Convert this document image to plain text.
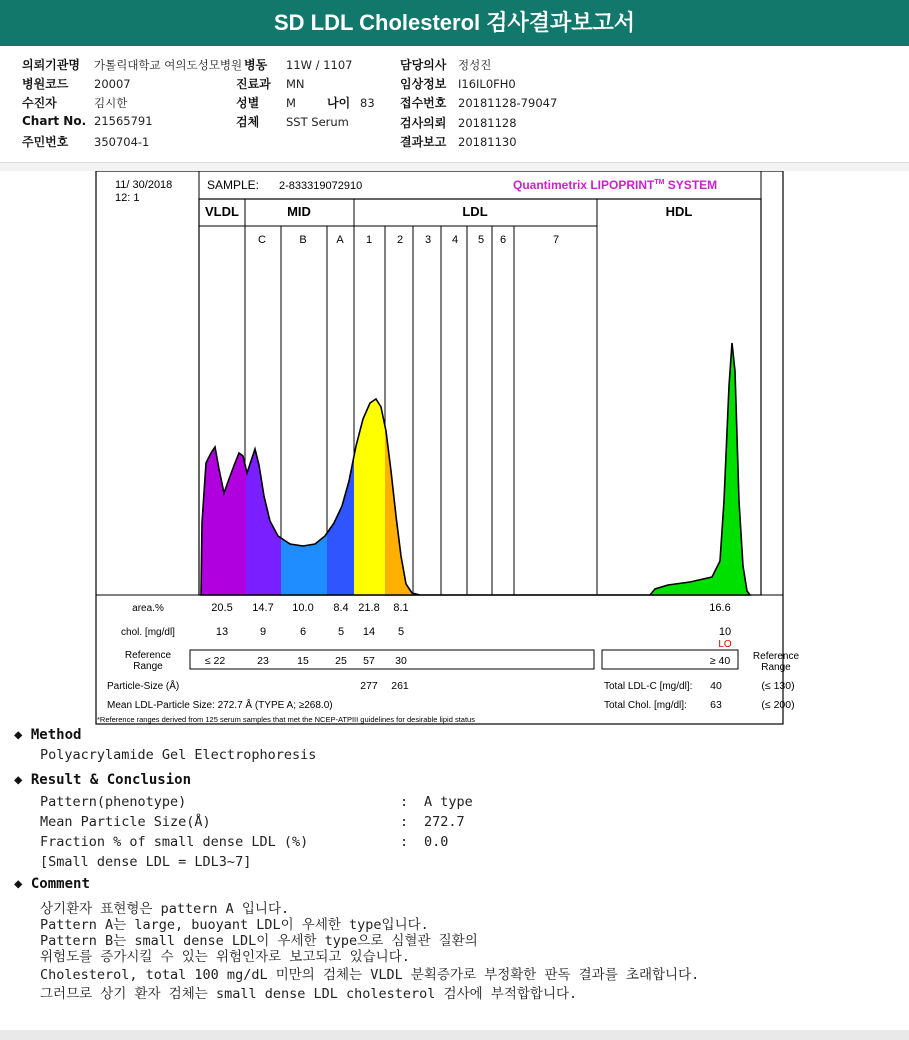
SD LDL Cholesterol 검사결과보고서
의뢰기관명 가톨릭대학교 여의도성모병원
병원코드 20007
수진자	김시한
Chart No. 21565791
주민번호 350704-1
병동 11W / 1107
진료과 MN
성별 M	나이 83
검체 SST Serum
담당의사 정성진
임상정보 I16IL0FH0
접수번호 20181128-79047
검사의뢰 20181128
결과보고 20181130
11/ 30/2018
12: 1
SAMPLE: 2-833319072910	Quantimetrix LIPOPRINT™ SYSTEM
VLDL	MID	LDL	HDL
C	B	A 1 2 3 4 5 6	7
area.%	20.5 14.7 10.0 8.4 21.8 8.1	16.6
chol. [mg/dl]	13	9	6	5 14 5	10
LO
Reference
Range	≤ 22	23	15	25 57 30	≥ 40 Reference
Range
Particle-Size (Å)	277 261
Mean LDL-Particle Size: 272.7 Å (TYPE A; ≥268.0)
Total LDL-C [mg/dl]: 40	(≤ 130)
Total Chol. [mg/dl]: 63	(≤ 200)
*Reference ranges derived from 125 serum samples that met the NCEP-ATPIII guidelines for desirable lipid status
◆ Method
Polyacrylamide Gel Electrophoresis
◆ Result & Conclusion
Pattern(phenotype)	: A type
Mean Particle Size(Å)	: 272.7
Fraction % of small dense LDL (%)	: 0.0
[Small dense LDL = LDL3~7]
◆ Comment
상기환자 표현형은 pattern A 입니다.
Pattern A는 large, buoyant LDL이 우세한 type입니다.
Pattern B는 small dense LDL이 우세한 type으로 심혈관 질환의
위험도를 증가시킬 수 있는 위험인자로 보고되고 있습니다.
Cholesterol, total 100 mg/dL 미만의 검체는 VLDL 분획증가로 부정확한 판독 결과를 초래합니다.
그러므로 상기 환자 검체는 small dense LDL cholesterol 검사에 부적합합니다.
